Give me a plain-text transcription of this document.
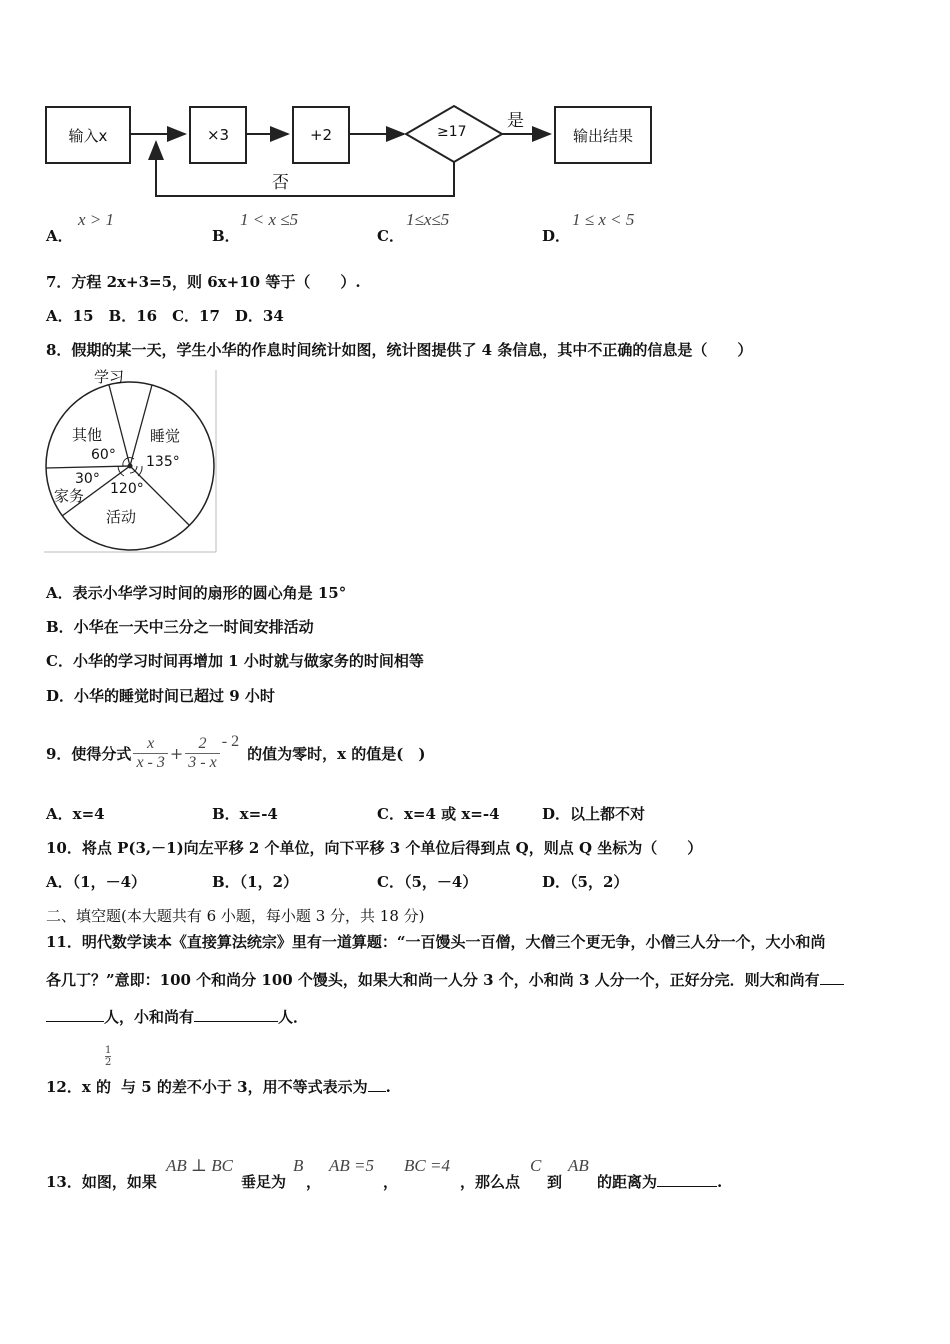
输入x	×3	+2	输出结果
≥17
是
否
A．
x > 1
B．
1 < x ≤5
C．
1≤x≤5
D．
1 ≤ x < 5
7．方程 2x+3=5，则 6x+10 等于（　　）.
A．15　B．16　C．17　D．34
8．假期的某一天，学生小华的作息时间统计如图，统计图提供了 4 条信息，其中不正确的信息是（　　）
学习
睡觉
135°
其他
60°
30°
家务 120°
活动
A．表示小华学习时间的扇形的圆心角是 15°
B．小华在一天中三分之一时间安排活动
C．小华的学习时间再增加 1 小时就与做家务的时间相等
D．小华的睡觉时间已超过 9 小时
9．使得分式 $\frac{x}{x - 3} + \frac{2}{3 - x} - 2$
的值为零时，x 的值是(　)
A．x=4	B．x=-4	C．x=4 或 x=-4	D．以上都不对
10．将点 P(3,－1)向左平移 2 个单位，向下平移 3 个单位后得到点 Q，则点 Q 坐标为（　　）
A．（1，－4）	B．（1，2）	C．（5，－4）	D．（5，2）
二、填空题(本大题共有 6 小题，每小题 3 分，共 18 分)
11．明代数学读本《直接算法统宗》里有一道算题：“一百馒头一百僧，大僧三个更无争，小僧三人分一个，大小和尚
各几丁？”意即：100 个和尚分 100 个馒头，如果大和尚一人分 3 个，小和尚 3 人分一个，正好分完．则大和尚有
人，小和尚有	人．
$\frac{1}{2}$
12．x 的 与 5 的差不小于 3，用不等式表示为 .
13．如图，如果
AB ⊥ BC
垂足为
B
，
AB =5
，
BC =4
，那么点
C
到
AB
的距离为	.
